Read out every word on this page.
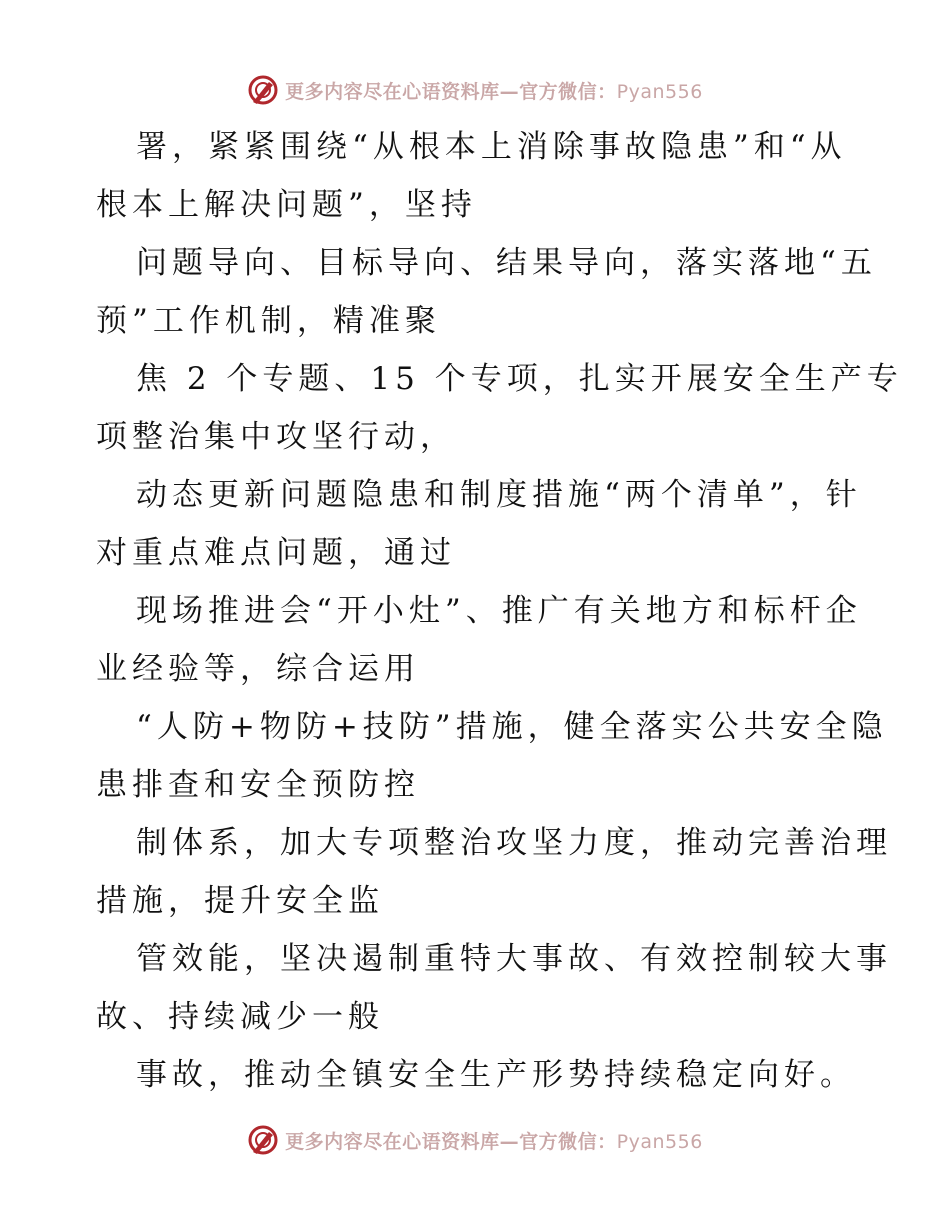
更多内容尽在心语资料库—官方微信：Pyan556
署，紧紧围绕“从根本上消除事故隐患”和“从
根本上解决问题”，坚持
问题导向、目标导向、结果导向，落实落地“五
预”工作机制，精准聚
焦 2 个专题、15 个专项，扎实开展安全生产专
项整治集中攻坚行动，
动态更新问题隐患和制度措施“两个清单”，针
对重点难点问题，通过
现场推进会“开小灶”、推广有关地方和标杆企
业经验等，综合运用
“人防+物防+技防”措施，健全落实公共安全隐
患排查和安全预防控
制体系，加大专项整治攻坚力度，推动完善治理
措施，提升安全监
管效能，坚决遏制重特大事故、有效控制较大事
故、持续减少一般
事故，推动全镇安全生产形势持续稳定向好。
更多内容尽在心语资料库—官方微信：Pyan556
